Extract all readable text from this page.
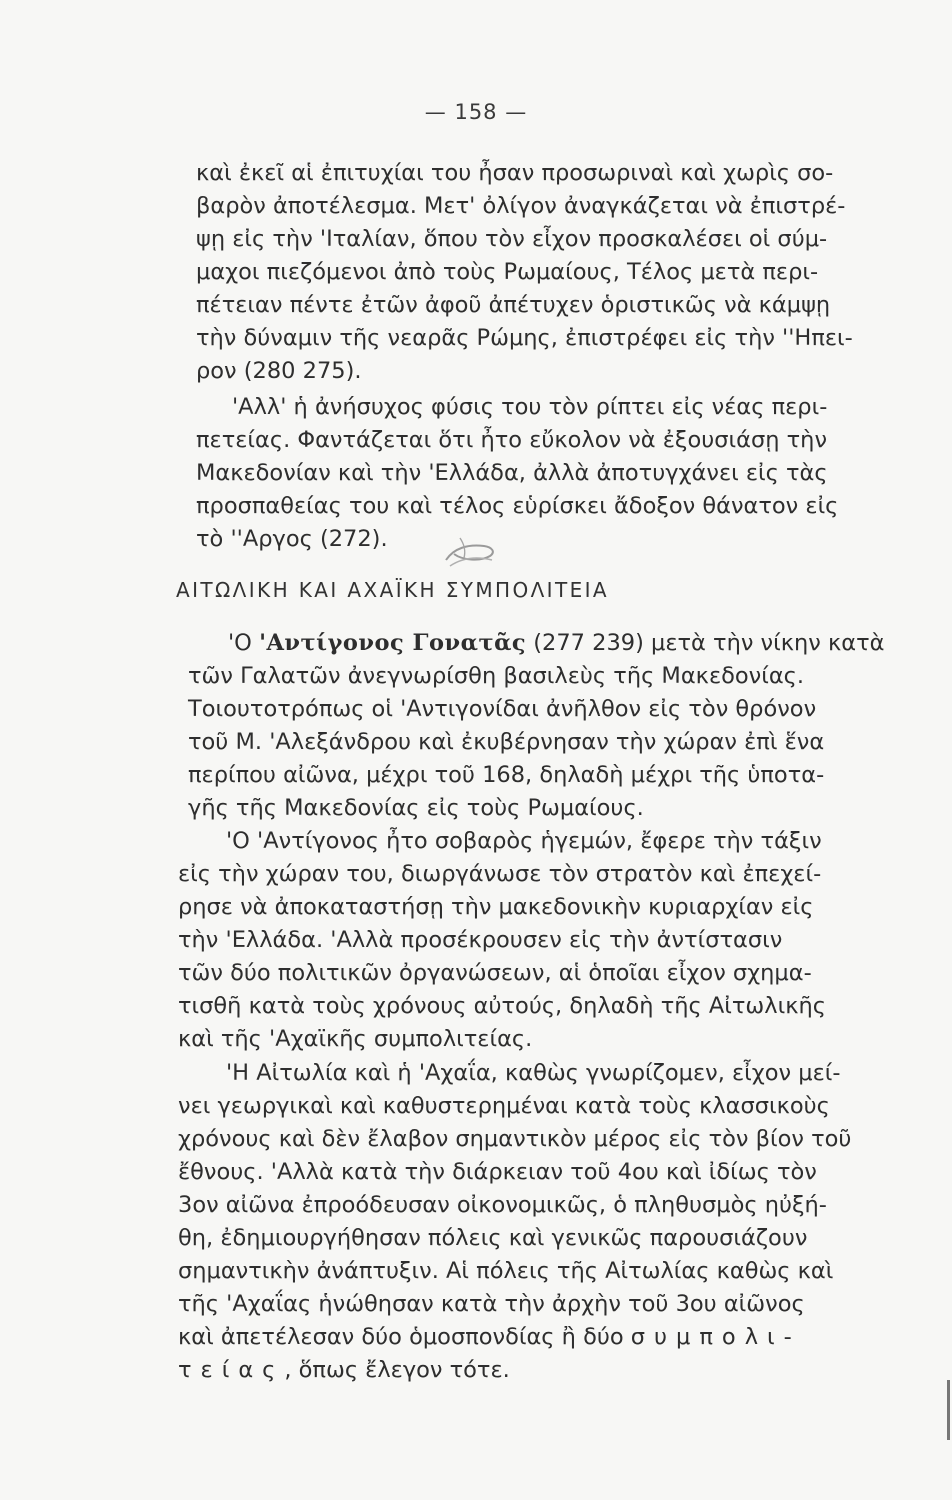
— 158 —
καὶ ἐκεῖ αἱ ἐπιτυχίαι του ἦσαν προσωριναὶ καὶ χωρὶς σο-
βαρὸν ἀποτέλεσμα. Μετ' ὀλίγον ἀναγκάζεται νὰ ἐπιστρέ-
ψῃ εἰς τὴν 'Ιταλίαν, ὅπου τὸν εἶχον προσκαλέσει οἱ σύμ-
μαχοι πιεζόμενοι ἀπὸ τοὺς Ρωμαίους, Τέλος μετὰ περι-
πέτειαν πέντε ἐτῶν ἀφοῦ ἀπέτυχεν ὁριστικῶς νὰ κάμψῃ
τὴν δύναμιν τῆς νεαρᾶς Ρώμης, ἐπιστρέφει εἰς τὴν ''Ηπει-
ρον (280 275).
'Αλλ' ἡ ἀνήσυχος φύσις του τὸν ρίπτει εἰς νέας περι-
πετείας. Φαντάζεται ὅτι ἦτο εὔκολον νὰ ἐξουσιάσῃ τὴν
Μακεδονίαν καὶ τὴν 'Ελλάδα, ἀλλὰ ἀποτυγχάνει εἰς τὰς
προσπαθείας του καὶ τέλος εὑρίσκει ἄδοξον θάνατον εἰς
τὸ ''Αργος (272).
ΑΙΤΩΛΙΚΗ ΚΑΙ ΑΧΑΪΚΗ ΣΥΜΠΟΛΙΤΕΙΑ
'Ο 'Αντίγονος Γονατᾶς (277 239) μετὰ τὴν νίκην κατὰ
τῶν Γαλατῶν ἀνεγνωρίσθη βασιλεὺς τῆς Μακεδονίας.
Τοιουτοτρόπως οἱ 'Αντιγονίδαι ἀνῆλθον εἰς τὸν θρόνον
τοῦ Μ. 'Αλεξάνδρου καὶ ἐκυβέρνησαν τὴν χώραν ἐπὶ ἕνα
περίπου αἰῶνα, μέχρι τοῦ 168, δηλαδὴ μέχρι τῆς ὑποτα-
γῆς τῆς Μακεδονίας εἰς τοὺς Ρωμαίους.
'Ο 'Αντίγονος ἦτο σοβαρὸς ἡγεμών, ἔφερε τὴν τάξιν
εἰς τὴν χώραν του, διωργάνωσε τὸν στρατὸν καὶ ἐπεχεί-
ρησε νὰ ἀποκαταστήσῃ τὴν μακεδονικὴν κυριαρχίαν εἰς
τὴν 'Ελλάδα. 'Αλλὰ προσέκρουσεν εἰς τὴν ἀντίστασιν
τῶν δύο πολιτικῶν ὀργανώσεων, αἱ ὁποῖαι εἶχον σχημα-
τισθῆ κατὰ τοὺς χρόνους αὐτούς, δηλαδὴ τῆς Αἰτωλικῆς
καὶ τῆς 'Αχαϊκῆς συμπολιτείας.
'Η Αἰτωλία καὶ ἡ 'Αχαΐα, καθὼς γνωρίζομεν, εἶχον μεί-
νει γεωργικαὶ καὶ καθυστερημέναι κατὰ τοὺς κλασσικοὺς
χρόνους καὶ δὲν ἔλαβον σημαντικὸν μέρος εἰς τὸν βίον τοῦ
ἔθνους. 'Αλλὰ κατὰ τὴν διάρκειαν τοῦ 4ου καὶ ἰδίως τὸν
3ον αἰῶνα ἐπροόδευσαν οἰκονομικῶς, ὁ πληθυσμὸς ηὐξή-
θη, ἐδημιουργήθησαν πόλεις καὶ γενικῶς παρουσιάζουν
σημαντικὴν ἀνάπτυξιν. Αἱ πόλεις τῆς Αἰτωλίας καθὼς καὶ
τῆς 'Αχαΐας ἡνώθησαν κατὰ τὴν ἀρχὴν τοῦ 3ου αἰῶνος
καὶ ἀπετέλεσαν δύο ὁμοσπονδίας ἢ δύο συμπολι-
τείας, ὅπως ἔλεγον τότε.
